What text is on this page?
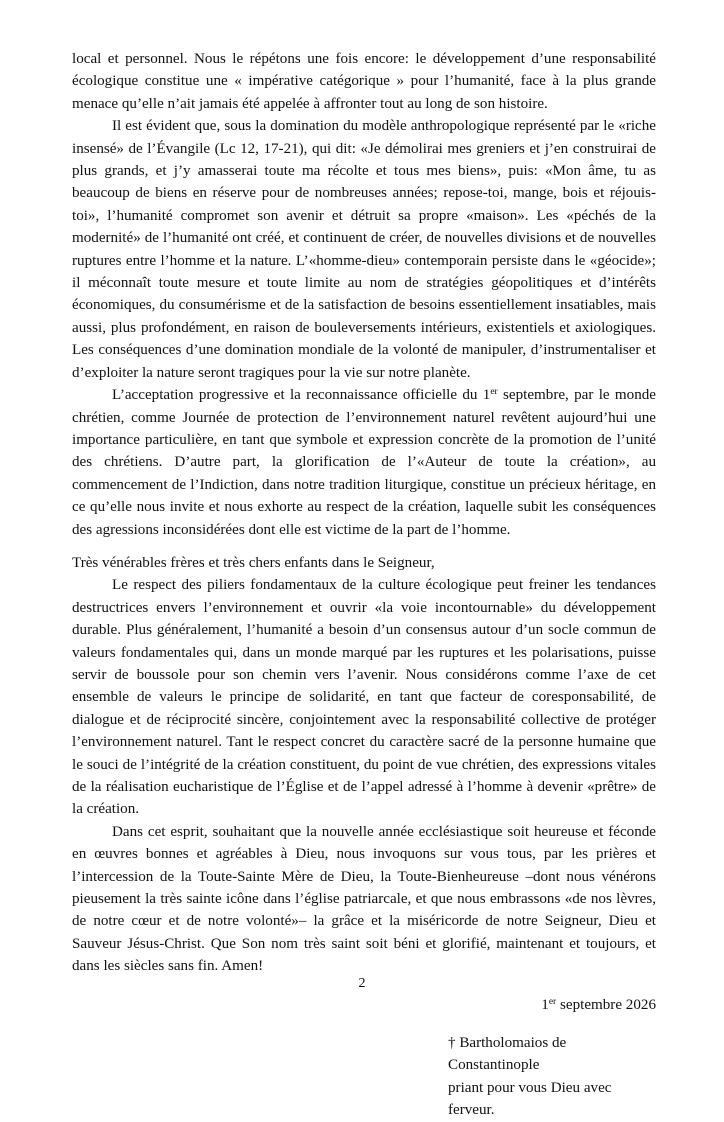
local et personnel. Nous le répétons une fois encore: le développement d’une responsabilité écologique constitue une « impérative catégorique » pour l’humanité, face à la plus grande menace qu’elle n’ait jamais été appelée à affronter tout au long de son histoire.

Il est évident que, sous la domination du modèle anthropologique représenté par le «riche insensé» de l’Évangile (Lc 12, 17-21), qui dit: «Je démolirai mes greniers et j’en construirai de plus grands, et j’y amasserai toute ma récolte et tous mes biens», puis: «Mon âme, tu as beaucoup de biens en réserve pour de nombreuses années; repose-toi, mange, bois et réjouis-toi», l’humanité compromet son avenir et détruit sa propre «maison». Les «péchés de la modernité» de l’humanité ont créé, et continuent de créer, de nouvelles divisions et de nouvelles ruptures entre l’homme et la nature. L’«homme-dieu» contemporain persiste dans le «géocide»; il méconnaît toute mesure et toute limite au nom de stratégies géopolitiques et d’intérêts économiques, du consumérisme et de la satisfaction de besoins essentiellement insatiables, mais aussi, plus profondément, en raison de bouleversements intérieurs, existentiels et axiologiques. Les conséquences d’une domination mondiale de la volonté de manipuler, d’instrumentaliser et d’exploiter la nature seront tragiques pour la vie sur notre planète.

L’acceptation progressive et la reconnaissance officielle du 1er septembre, par le monde chrétien, comme Journée de protection de l’environnement naturel revêtent aujourd’hui une importance particulière, en tant que symbole et expression concrète de la promotion de l’unité des chrétiens. D’autre part, la glorification de l’«Auteur de toute la création», au commencement de l’Indiction, dans notre tradition liturgique, constitue un précieux héritage, en ce qu’elle nous invite et nous exhorte au respect de la création, laquelle subit les conséquences des agressions inconsidérées dont elle est victime de la part de l’homme.

Très vénérables frères et très chers enfants dans le Seigneur,

Le respect des piliers fondamentaux de la culture écologique peut freiner les tendances destructrices envers l’environnement et ouvrir «la voie incontournable» du développement durable. Plus généralement, l’humanité a besoin d’un consensus autour d’un socle commun de valeurs fondamentales qui, dans un monde marqué par les ruptures et les polarisations, puisse servir de boussole pour son chemin vers l’avenir. Nous considérons comme l’axe de cet ensemble de valeurs le principe de solidarité, en tant que facteur de coresponsabilité, de dialogue et de réciprocité sincère, conjointement avec la responsabilité collective de protéger l’environnement naturel. Tant le respect concret du caractère sacré de la personne humaine que le souci de l’intégrité de la création constituent, du point de vue chrétien, des expressions vitales de la réalisation eucharistique de l’Église et de l’appel adressé à l’homme à devenir «prêtre» de la création.

Dans cet esprit, souhaitant que la nouvelle année ecclésiastique soit heureuse et féconde en œuvres bonnes et agréables à Dieu, nous invoquons sur vous tous, par les prières et l’intercession de la Toute-Sainte Mère de Dieu, la Toute-Bienheureuse –dont nous vénérons pieusement la très sainte icône dans l’église patriarcale, et que nous embrassons «de nos lèvres, de notre cœur et de notre volonté»– la grâce et la miséricorde de notre Seigneur, Dieu et Sauveur Jésus-Christ. Que Son nom très saint soit béni et glorifié, maintenant et toujours, et dans les siècles sans fin. Amen!

1er septembre 2026

† Bartholomaios de Constantinople
priant pour vous Dieu avec ferveur.
2
